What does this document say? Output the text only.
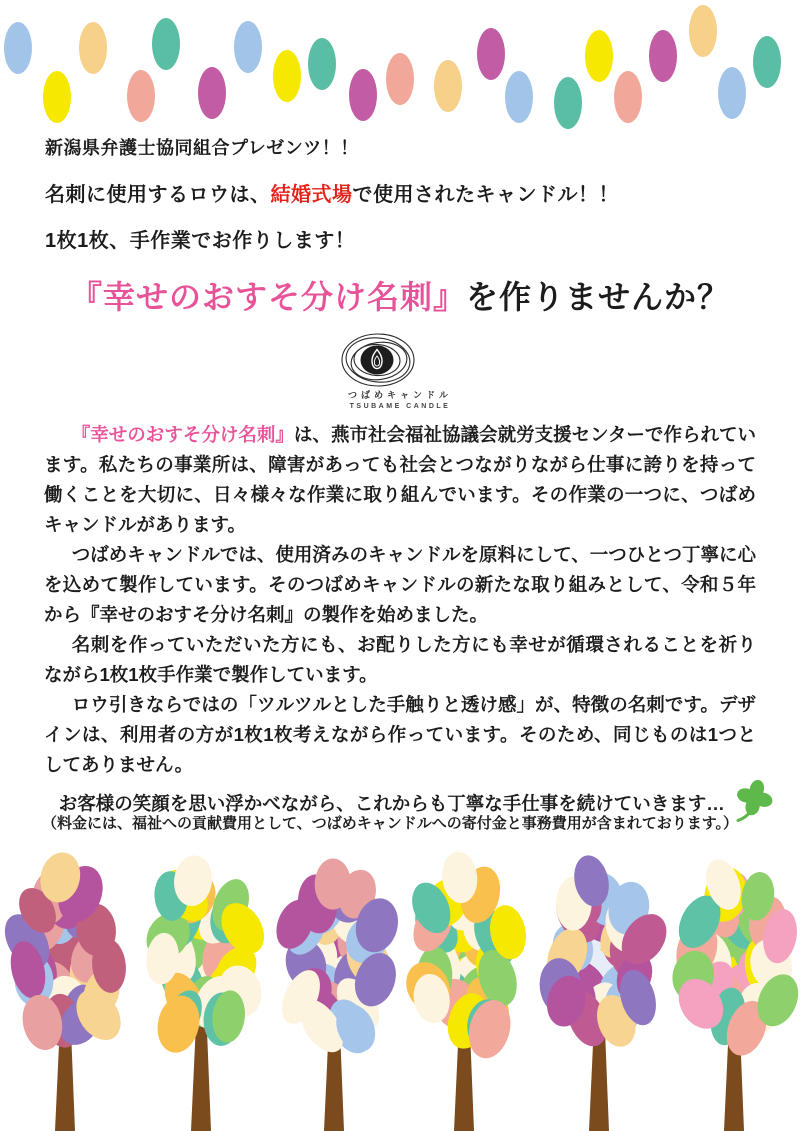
新潟県弁護士協同組合プレゼンツ！！

名刺に使用するロウは、結婚式場で使用されたキャンドル！！

1枚1枚、手作業でお作りします！

『幸せのおすそ分け名刺』を作りませんか？
つばめキャンドル
TSUBAME CANDLE

『幸せのおすそ分け名刺』は、燕市社会福祉協議会就労支援センターで作られています。私たちの事業所は、障害があっても社会とつながりながら仕事に誇りを持って働くことを大切に、日々様々な作業に取り組んでいます。その作業の一つに、つばめキャンドルがあります。

つばめキャンドルでは、使用済みのキャンドルを原料にして、一つひとつ丁寧に心を込めて製作しています。そのつばめキャンドルの新たな取り組みとして、令和５年から『幸せのおすそ分け名刺』の製作を始めました。

名刺を作っていただいた方にも、お配りした方にも幸せが循環されることを祈りながら1枚1枚手作業で製作しています。

ロウ引きならではの「ツルツルとした手触りと透け感」が、特徴の名刺です。デザインは、利用者の方が1枚1枚考えながら作っています。そのため、同じものは1つとしてありません。

お客様の笑顔を思い浮かべながら、これからも丁寧な手仕事を続けていきます…

（料金には、福祉への貢献費用として、つばめキャンドルへの寄付金と事務費用が含まれております。）
